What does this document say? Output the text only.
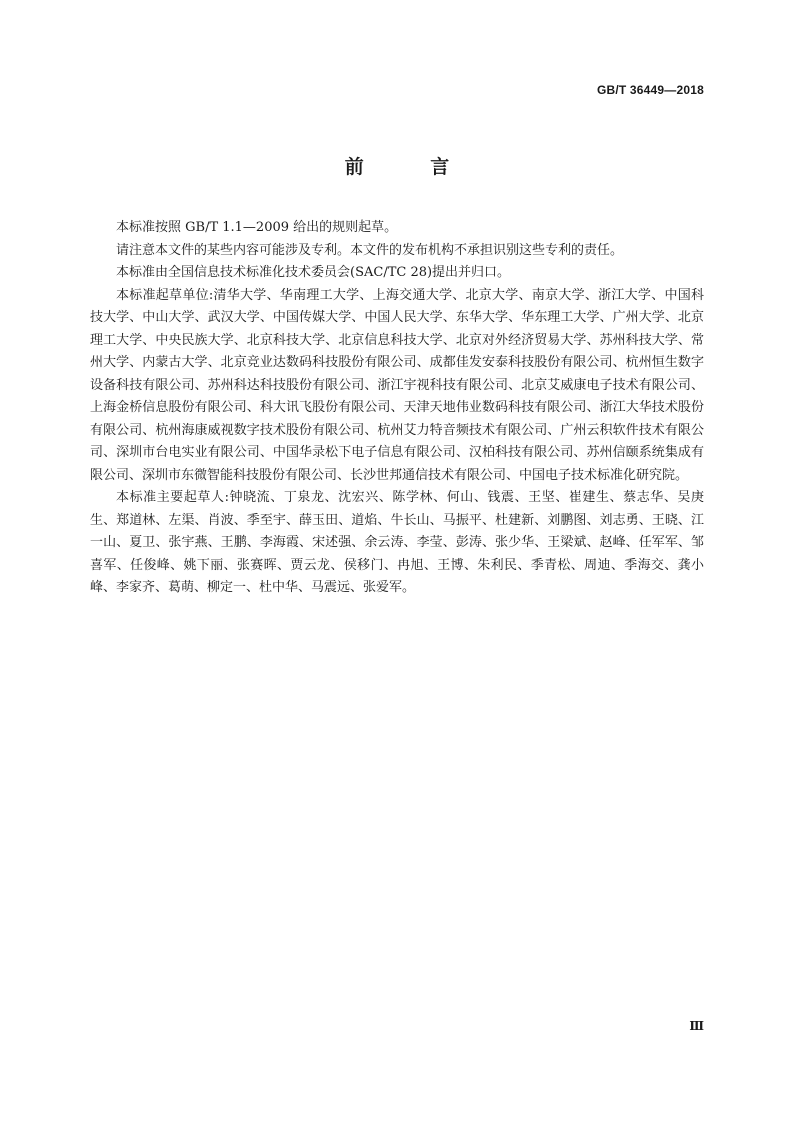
GB/T 36449—2018
前 言

本标准按照 GB/T 1.1—2009 给出的规则起草。

请注意本文件的某些内容可能涉及专利。本文件的发布机构不承担识别这些专利的责任。

本标准由全国信息技术标准化技术委员会(SAC/TC 28)提出并归口。

本标准起草单位:清华大学、华南理工大学、上海交通大学、北京大学、南京大学、浙江大学、中国科技大学、中山大学、武汉大学、中国传媒大学、中国人民大学、东华大学、华东理工大学、广州大学、北京理工大学、中央民族大学、北京科技大学、北京信息科技大学、北京对外经济贸易大学、苏州科技大学、常州大学、内蒙古大学、北京竞业达数码科技股份有限公司、成都佳发安泰科技股份有限公司、杭州恒生数字设备科技有限公司、苏州科达科技股份有限公司、浙江宇视科技有限公司、北京艾威康电子技术有限公司、上海金桥信息股份有限公司、科大讯飞股份有限公司、天津天地伟业数码科技有限公司、浙江大华技术股份有限公司、杭州海康威视数字技术股份有限公司、杭州艾力特音频技术有限公司、广州云积软件技术有限公司、深圳市台电实业有限公司、中国华录松下电子信息有限公司、汉柏科技有限公司、苏州信颐系统集成有限公司、深圳市东微智能科技股份有限公司、长沙世邦通信技术有限公司、中国电子技术标准化研究院。

本标准主要起草人:钟晓流、丁泉龙、沈宏兴、陈学林、何山、钱震、王坚、崔建生、蔡志华、吴庚生、郑道林、左渠、肖波、季至宇、薛玉田、道焰、牛长山、马振平、杜建新、刘鹏图、刘志勇、王晓、江一山、夏卫、张宇燕、王鹏、李海霞、宋述强、余云涛、李莹、彭涛、张少华、王梁斌、赵峰、任军军、邹喜军、任俊峰、姚下丽、张赛晖、贾云龙、侯移门、冉旭、王博、朱利民、季青松、周迪、季海交、龚小峰、李家齐、葛萌、柳定一、杜中华、马震远、张爱军。

Ⅲ
